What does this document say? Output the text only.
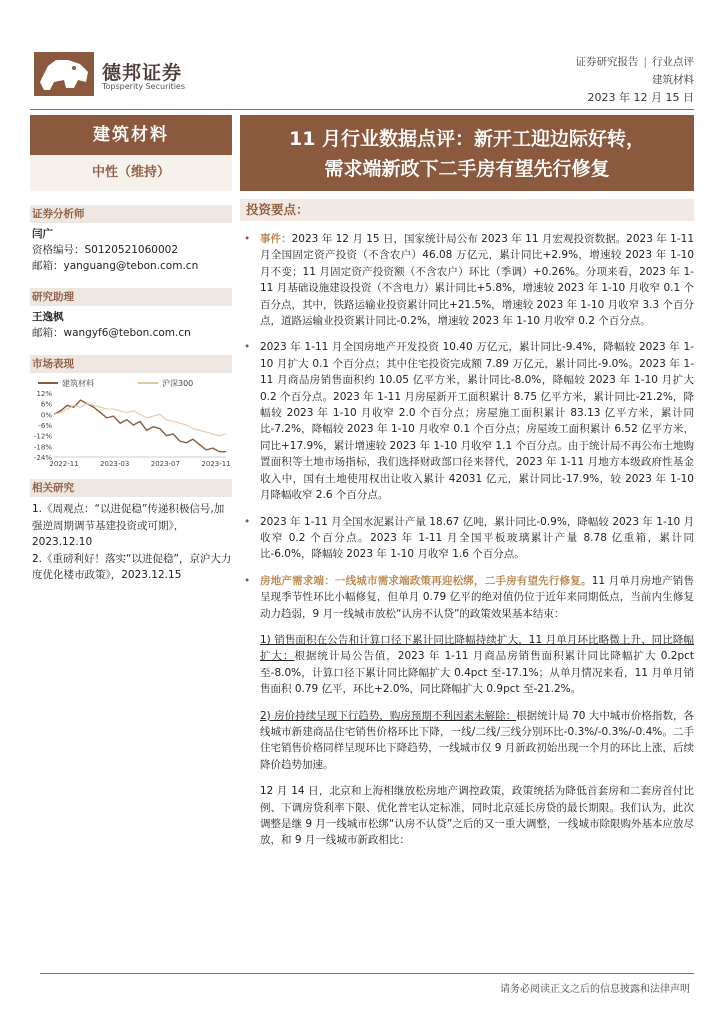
德邦证券
Topsperity Securities
证券研究报告 | 行业点评
建筑材料
2023 年 12 月 15 日
建筑材料
中性（维持）
证券分析师
闫广
资格编号：S0120521060002
邮箱：yanguang@tebon.com.cn
研究助理
王逸枫
邮箱：wangyf6@tebon.com.cn
市场表现
建筑材料	沪深300
12%
6%
0%
-6%
-12%
-18%
-24%
2022-11	2023-03	2023-07	2023-11
相关研究
1.《周观点：“以进促稳”传递积极信号,加强逆周期调节基建投资或可期》，2023.12.10
2.《重磅利好！落实“以进促稳”，京沪大力度优化楼市政策》，2023.12.15
11 月行业数据点评：新开工迎边际好转，
需求端新政下二手房有望先行修复
投资要点：
• 事件：2023 年 12 月 15 日，国家统计局公布 2023 年 11 月宏观投资数据。2023 年 1-11 月全国固定资产投资（不含农户）46.08 万亿元，累计同比+2.9%，增速较 2023 年 1-10 月不变；11 月固定资产投资额（不含农户）环比（季调）+0.26%。分项来看，2023 年 1-11 月基础设施建设投资（不含电力）累计同比+5.8%，增速较 2023 年 1-10 月收窄 0.1 个百分点，其中，铁路运输业投资累计同比+21.5%，增速较 2023 年 1-10 月收窄 3.3 个百分点，道路运输业投资累计同比-0.2%，增速较 2023 年 1-10 月收窄 0.2 个百分点。
• 2023 年 1-11 月全国房地产开发投资 10.40 万亿元，累计同比-9.4%，降幅较 2023 年 1-10 月扩大 0.1 个百分点；其中住宅投资完成额 7.89 万亿元，累计同比-9.0%。2023 年 1-11 月商品房销售面积约 10.05 亿平方米，累计同比-8.0%，降幅较 2023 年 1-10 月扩大 0.2 个百分点。2023 年 1-11 月房屋新开工面积累计 8.75 亿平方米，累计同比-21.2%，降幅较 2023 年 1-10 月收窄 2.0 个百分点；房屋施工面积累计 83.13 亿平方米，累计同比-7.2%，降幅较 2023 年 1-10 月收窄 0.1 个百分点；房屋竣工面积累计 6.52 亿平方米，同比+17.9%，累计增速较 2023 年 1-10 月收窄 1.1 个百分点。由于统计局不再公布土地购置面积等土地市场指标，我们选择财政部口径来替代，2023 年 1-11 月地方本级政府性基金收入中，国有土地使用权出让收入累计 42031 亿元，累计同比-17.9%，较 2023 年 1-10 月降幅收窄 2.6 个百分点。
• 2023 年 1-11 月全国水泥累计产量 18.67 亿吨，累计同比-0.9%，降幅较 2023 年 1-10 月收窄 0.2 个百分点。2023 年 1-11 月全国平板玻璃累计产量 8.78 亿重箱，累计同比-6.0%，降幅较 2023 年 1-10 月收窄 1.6 个百分点。
• 房地产需求端：一线城市需求端政策再迎松绑，二手房有望先行修复。11 月单月房地产销售呈现季节性环比小幅修复，但单月 0.79 亿平的绝对值仍位于近年来同期低点，当前内生修复动力趋弱，9 月一线城市放松“认房不认贷”的政策效果基本结束：
1) 销售面积在公告和计算口径下累计同比降幅持续扩大，11 月单月环比略微上升、同比降幅扩大：根据统计局公告值，2023 年 1-11 月商品房销售面积累计同比降幅扩大 0.2pct 至-8.0%，计算口径下累计同比降幅扩大 0.4pct 至-17.1%；从单月情况来看，11 月单月销售面积 0.79 亿平，环比+2.0%，同比降幅扩大 0.9pct 至-21.2%。
2) 房价持续呈现下行趋势，购房预期不利因素未解除：根据统计局 70 大中城市价格指数，各线城市新建商品住宅销售价格环比下降，一线/二线/三线分别环比-0.3%/-0.3%/-0.4%。二手住宅销售价格同样呈现环比下降趋势，一线城市仅 9 月新政初始出现一个月的环比上涨，后续降价趋势加速。
12 月 14 日，北京和上海相继放松房地产调控政策，政策统括为降低首套房和二套房首付比例、下调房贷利率下限、优化普宅认定标准，同时北京延长房贷的最长期限。我们认为，此次调整是继 9 月一线城市松绑“认房不认贷”之后的又一重大调整，一线城市除限购外基本应放尽放，和 9 月一线城市新政相比：
请务必阅读正文之后的信息披露和法律声明
